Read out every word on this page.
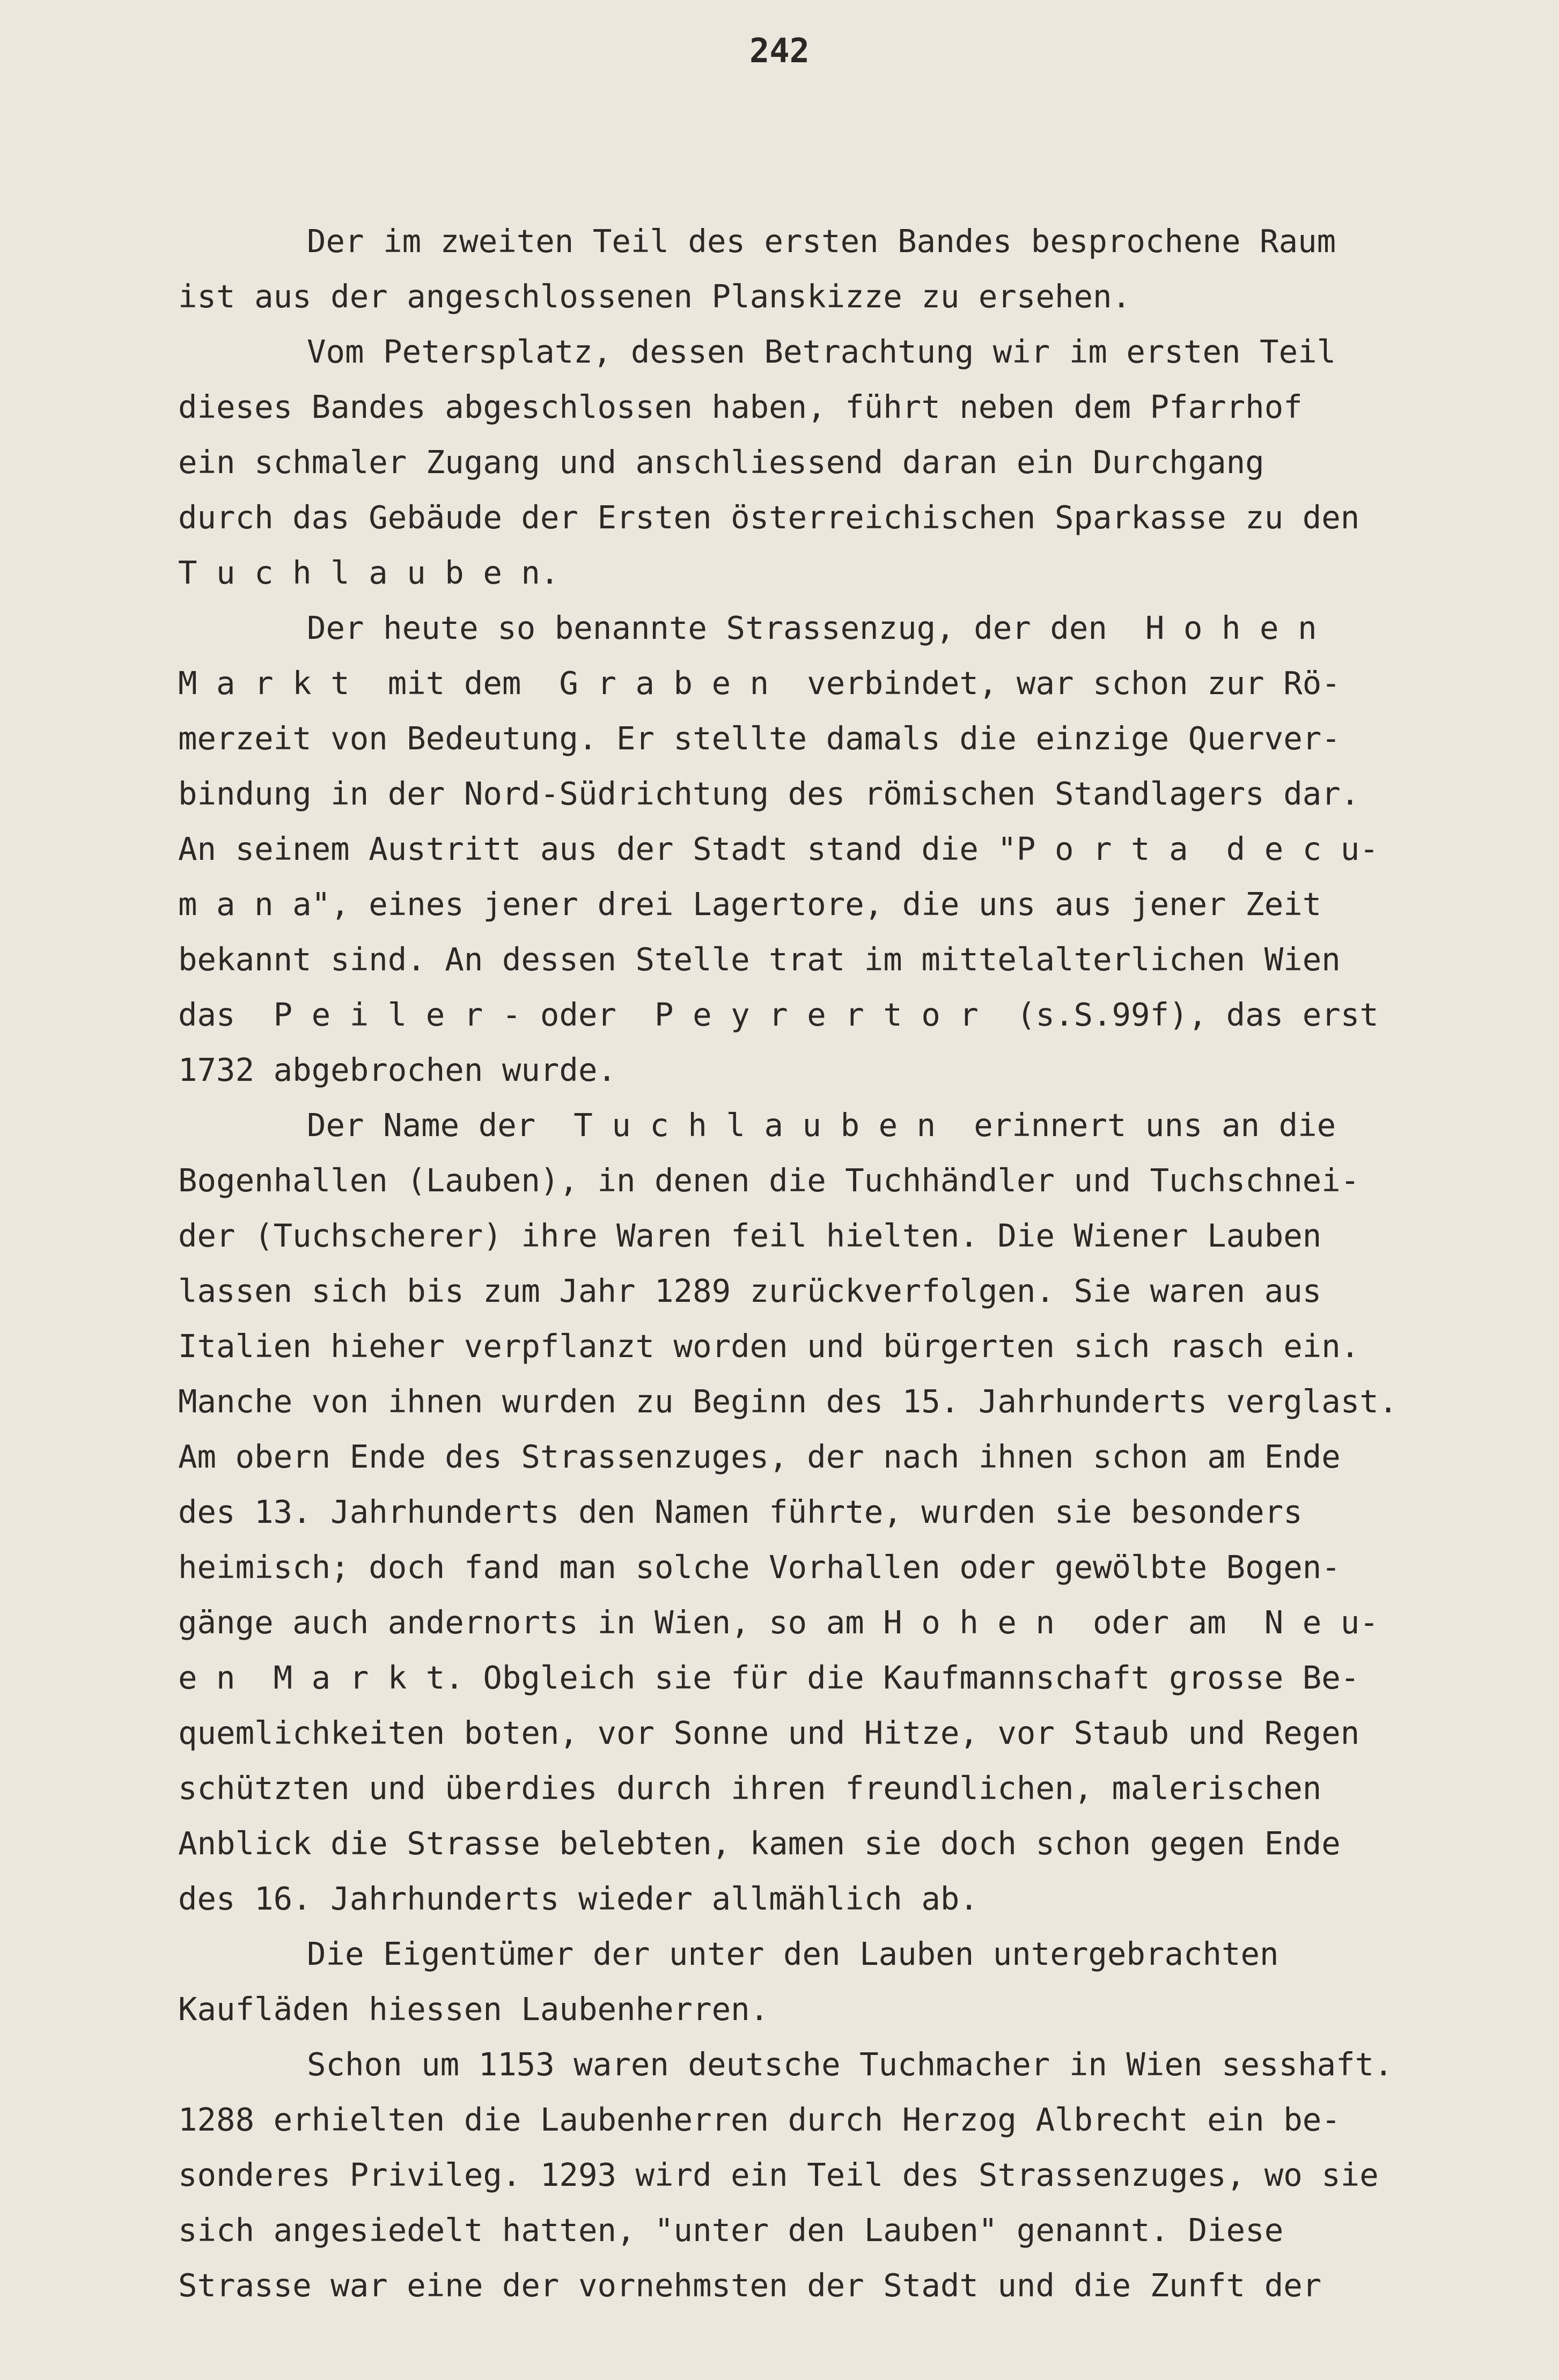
242
Der im zweiten Teil des ersten Bandes besprochene Raum
ist aus der angeschlossenen Planskizze zu ersehen.
Vom Petersplatz, dessen Betrachtung wir im ersten Teil
dieses Bandes abgeschlossen haben, führt neben dem Pfarrhof
ein schmaler Zugang und anschliessend daran ein Durchgang
durch das Gebäude der Ersten österreichischen Sparkasse zu den
T u c h l a u b e n.
Der heute so benannte Strassenzug, der den  H o h e n
M a r k t  mit dem  G r a b e n  verbindet, war schon zur Rö-
merzeit von Bedeutung. Er stellte damals die einzige Querver-
bindung in der Nord-Südrichtung des römischen Standlagers dar.
An seinem Austritt aus der Stadt stand die "P o r t a  d e c u-
m a n a", eines jener drei Lagertore, die uns aus jener Zeit
bekannt sind. An dessen Stelle trat im mittelalterlichen Wien
das  P e i l e r - oder  P e y r e r t o r  (s.S.99f), das erst
1732 abgebrochen wurde.
Der Name der  T u c h l a u b e n  erinnert uns an die
Bogenhallen (Lauben), in denen die Tuchhändler und Tuchschnei-
der (Tuchscherer) ihre Waren feil hielten. Die Wiener Lauben
lassen sich bis zum Jahr 1289 zurückverfolgen. Sie waren aus
Italien hieher verpflanzt worden und bürgerten sich rasch ein.
Manche von ihnen wurden zu Beginn des 15. Jahrhunderts verglast.
Am obern Ende des Strassenzuges, der nach ihnen schon am Ende
des 13. Jahrhunderts den Namen führte, wurden sie besonders
heimisch; doch fand man solche Vorhallen oder gewölbte Bogen-
gänge auch andernorts in Wien, so am H o h e n  oder am  N e u-
e n  M a r k t. Obgleich sie für die Kaufmannschaft grosse Be-
quemlichkeiten boten, vor Sonne und Hitze, vor Staub und Regen
schützten und überdies durch ihren freundlichen, malerischen
Anblick die Strasse belebten, kamen sie doch schon gegen Ende
des 16. Jahrhunderts wieder allmählich ab.
Die Eigentümer der unter den Lauben untergebrachten
Kaufläden hiessen Laubenherren.
Schon um 1153 waren deutsche Tuchmacher in Wien sesshaft.
1288 erhielten die Laubenherren durch Herzog Albrecht ein be-
sonderes Privileg. 1293 wird ein Teil des Strassenzuges, wo sie
sich angesiedelt hatten, "unter den Lauben" genannt. Diese
Strasse war eine der vornehmsten der Stadt und die Zunft der
